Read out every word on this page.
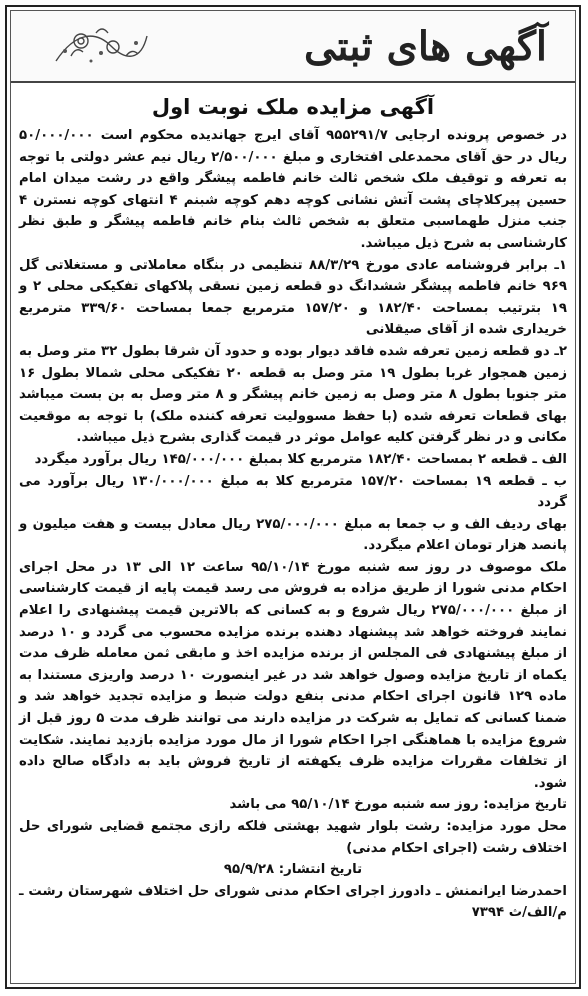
آگهی های ثبتی
آگهی مزایده ملک نوبت اول

در خصوص پرونده ارجایی ۹۵۵۲۹۱/۷ آقای ایرج جهاندیده محکوم است ۵۰/۰۰۰/۰۰۰ ریال در حق آقای محمدعلی افتخاری و مبلغ ۲/۵۰۰/۰۰۰ ریال نیم عشر دولتی با توجه به تعرفه و توقیف ملک شخص ثالث خانم فاطمه پیشگر واقع در رشت میدان امام حسین پیرکلاچای پشت آتش نشانی کوچه دهم کوچه شبنم ۴ انتهای کوچه نسترن ۴ جنب منزل طهماسبی متعلق به شخص ثالث بنام خانم فاطمه پیشگر و طبق نظر کارشناسی به شرح ذیل میباشد.

۱ـ برابر فروشنامه عادی مورخ ۸۸/۳/۲۹ تنظیمی در بنگاه معاملاتی و مستغلاتی گل ۹۶۹ خانم فاطمه پیشگر ششدانگ دو قطعه زمین نسقی پلاکهای تفکیکی محلی ۲ و ۱۹ بترتیب بمساحت ۱۸۲/۴۰ و ۱۵۷/۲۰ مترمربع جمعا بمساحت ۳۳۹/۶۰ مترمربع خریداری شده از آقای صیقلانی

۲ـ دو قطعه زمین تعرفه شده فاقد دیوار بوده و حدود آن شرقا بطول ۳۲ متر وصل به زمین همجوار غربا بطول ۱۹ متر وصل به قطعه ۲۰ تفکیکی محلی شمالا بطول ۱۶ متر جنوبا بطول ۸ متر وصل به زمین خانم پیشگر و ۸ متر وصل به بن بست میباشد بهای قطعات تعرفه شده (با حفظ مسوولیت تعرفه کننده ملک) با توجه به موقعیت مکانی و در نظر گرفتن کلیه عوامل موثر در قیمت گذاری بشرح ذیل میباشد.

الف ـ قطعه ۲ بمساحت ۱۸۲/۴۰ مترمربع کلا بمبلغ ۱۴۵/۰۰۰/۰۰۰ ریال برآورد میگردد

ب ـ قطعه ۱۹ بمساحت ۱۵۷/۲۰ مترمربع کلا به مبلغ ۱۳۰/۰۰۰/۰۰۰ ریال برآورد می گردد

بهای ردیف الف و ب جمعا به مبلغ ۲۷۵/۰۰۰/۰۰۰ ریال معادل بیست و هفت میلیون و پانصد هزار تومان اعلام میگردد.

ملک موصوف در روز سه شنبه مورخ ۹۵/۱۰/۱۴ ساعت ۱۲ الی ۱۳ در محل اجرای احکام مدنی شورا از طریق مزاده به فروش می رسد قیمت پایه از قیمت کارشناسی از مبلغ ۲۷۵/۰۰۰/۰۰۰ ریال شروع و به کسانی که بالاترین قیمت پیشنهادی را اعلام نمایند فروخته خواهد شد پیشنهاد دهنده برنده مزایده محسوب می گردد و ۱۰ درصد از مبلغ پیشنهادی فی المجلس از برنده مزایده اخذ و مابقی ثمن معامله ظرف مدت یکماه از تاریخ مزایده وصول خواهد شد در غیر اینصورت ۱۰ درصد واریزی مستندا به ماده ۱۲۹ قانون اجرای احکام مدنی بنفع دولت ضبط و مزایده تجدید خواهد شد و ضمنا کسانی که تمایل به شرکت در مزایده دارند می توانند ظرف مدت ۵ روز قبل از شروع مزایده با هماهنگی اجرا احکام شورا از مال مورد مزایده بازدید نمایند. شکایت از تخلفات مقررات مزایده ظرف یکهفته از تاریخ فروش باید به دادگاه صالح داده شود.

تاریخ مزایده: روز سه شنبه مورخ ۹۵/۱۰/۱۴ می باشد

محل مورد مزایده: رشت بلوار شهید بهشتی فلکه رازی مجتمع قضایی شورای حل اختلاف رشت (اجرای احکام مدنی)

تاریخ انتشار: ۹۵/۹/۲۸

احمدرضا ایرانمنش ـ دادورز اجرای احکام مدنی شورای حل اختلاف شهرستان رشت ـ م/الف/ث ۷۳۹۴
